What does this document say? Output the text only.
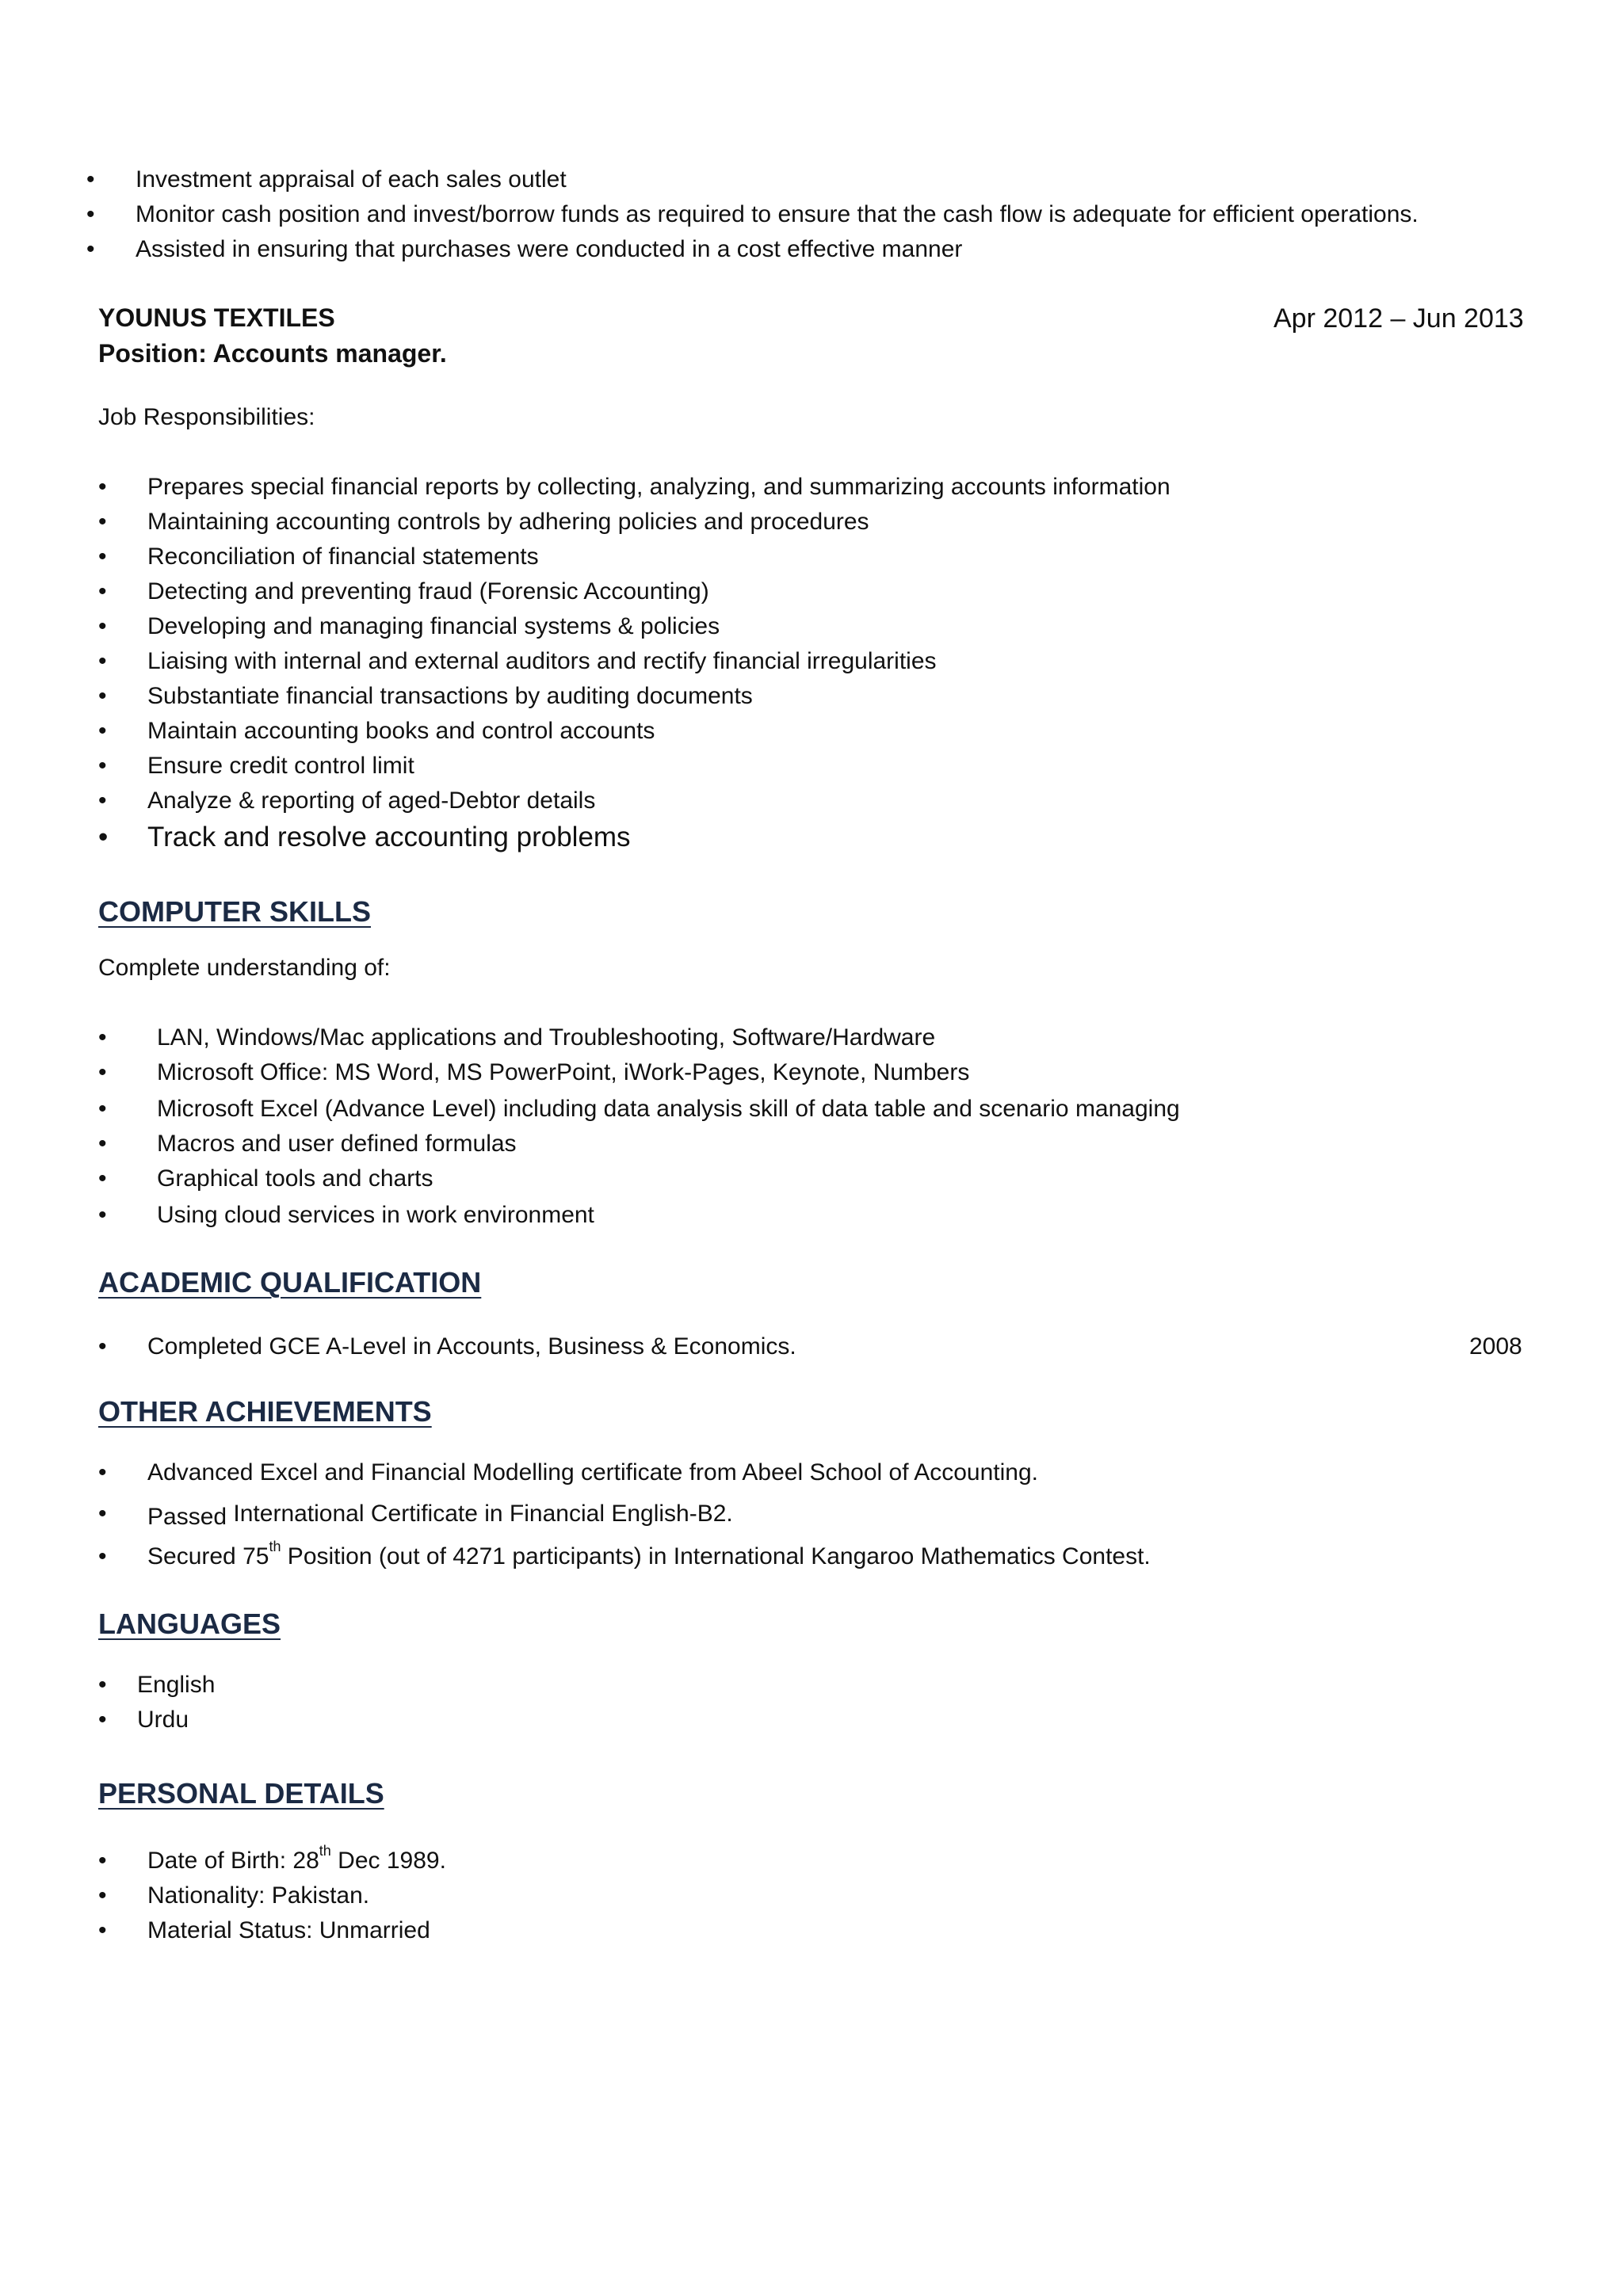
• Investment appraisal of each sales outlet
• Monitor cash position and invest/borrow funds as required to ensure that the cash flow is adequate for efficient operations.
• Assisted in ensuring that purchases were conducted in a cost effective manner
YOUNUS TEXTILES	Apr 2012 – Jun 2013
Position: Accounts manager.
Job Responsibilities:
• Prepares special financial reports by collecting, analyzing, and summarizing accounts information
• Maintaining accounting controls by adhering policies and procedures
• Reconciliation of financial statements
• Detecting and preventing fraud (Forensic Accounting)
• Developing and managing financial systems & policies
• Liaising with internal and external auditors and rectify financial irregularities
• Substantiate financial transactions by auditing documents
• Maintain accounting books and control accounts
• Ensure credit control limit
• Analyze & reporting of aged-Debtor details
• Track and resolve accounting problems
COMPUTER SKILLS
Complete understanding of:
• LAN, Windows/Mac applications and Troubleshooting, Software/Hardware
• Microsoft Office: MS Word, MS PowerPoint, iWork-Pages, Keynote, Numbers
• Microsoft Excel (Advance Level) including data analysis skill of data table and scenario managing
• Macros and user defined formulas
• Graphical tools and charts
• Using cloud services in work environment
ACADEMIC QUALIFICATION
• Completed GCE A-Level in Accounts, Business & Economics.	2008
OTHER ACHIEVEMENTS
• Advanced Excel and Financial Modelling certificate from Abeel School of Accounting.
• Passed International Certificate in Financial English-B2.
• Secured 75th Position (out of 4271 participants) in International Kangaroo Mathematics Contest.
LANGUAGES
• English
• Urdu
PERSONAL DETAILS
• Date of Birth: 28th Dec 1989.
• Nationality: Pakistan.
• Material Status: Unmarried
